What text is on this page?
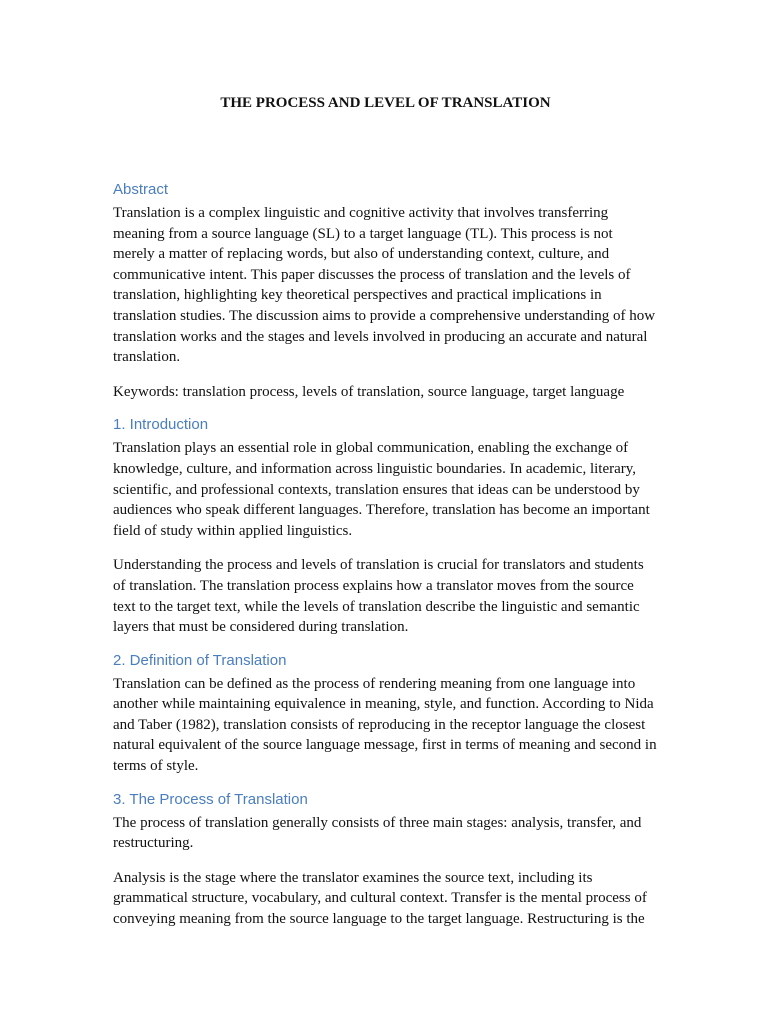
THE PROCESS AND LEVEL OF TRANSLATION
Abstract

Translation is a complex linguistic and cognitive activity that involves transferring meaning from a source language (SL) to a target language (TL). This process is not merely a matter of replacing words, but also of understanding context, culture, and communicative intent. This paper discusses the process of translation and the levels of translation, highlighting key theoretical perspectives and practical implications in translation studies. The discussion aims to provide a comprehensive understanding of how translation works and the stages and levels involved in producing an accurate and natural translation.

Keywords: translation process, levels of translation, source language, target language

1. Introduction

Translation plays an essential role in global communication, enabling the exchange of knowledge, culture, and information across linguistic boundaries. In academic, literary, scientific, and professional contexts, translation ensures that ideas can be understood by audiences who speak different languages. Therefore, translation has become an important field of study within applied linguistics.

Understanding the process and levels of translation is crucial for translators and students of translation. The translation process explains how a translator moves from the source text to the target text, while the levels of translation describe the linguistic and semantic layers that must be considered during translation.

2. Definition of Translation

Translation can be defined as the process of rendering meaning from one language into another while maintaining equivalence in meaning, style, and function. According to Nida and Taber (1982), translation consists of reproducing in the receptor language the closest natural equivalent of the source language message, first in terms of meaning and second in terms of style.

3. The Process of Translation

The process of translation generally consists of three main stages: analysis, transfer, and restructuring.

Analysis is the stage where the translator examines the source text, including its grammatical structure, vocabulary, and cultural context. Transfer is the mental process of conveying meaning from the source language to the target language. Restructuring is the
